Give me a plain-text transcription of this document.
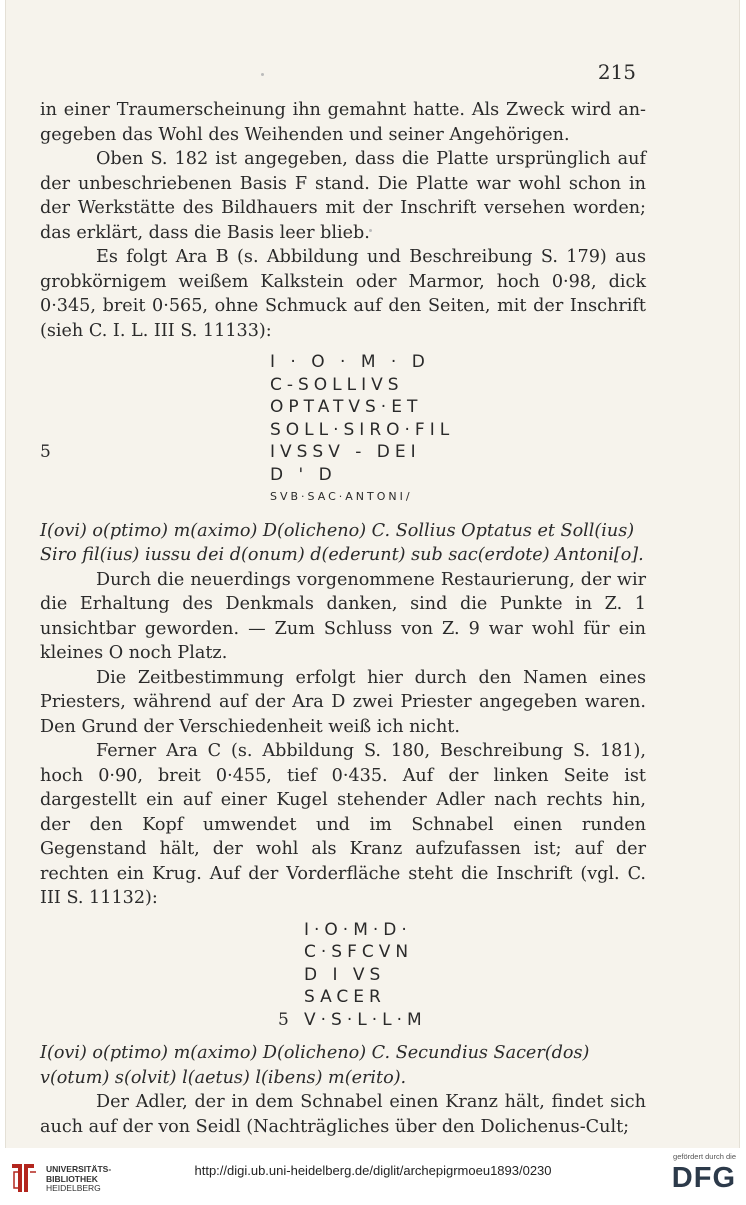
215

in einer Traumerscheinung ihn gemahnt hatte. Als Zweck wird angegeben das Wohl des Weihenden und seiner Angehörigen.

Oben S. 182 ist angegeben, dass die Platte ursprünglich auf der unbeschriebenen Basis F stand. Die Platte war wohl schon in der Werkstätte des Bildhauers mit der Inschrift versehen worden; das erklärt, dass die Basis leer blieb.

Es folgt Ara B (s. Abbildung und Beschreibung S. 179) aus grobkörnigem weißem Kalkstein oder Marmor, hoch 0·98, dick 0·345, breit 0·565, ohne Schmuck auf den Seiten, mit der Inschrift (sieh C. I. L. III S. 11133):

I · O · M · D
C-SOLLIVS
OPTATVS·ET
SOLL·SIRO·FIL
5	IVSSV - DEI
D ' D
SVB·SAC·ANTONI/

I(ovi) o(ptimo) m(aximo) D(olicheno) C. Sollius Optatus et Soll(ius) Siro fil(ius) iussu dei d(onum) d(ederunt) sub sac(erdote) Antoni[o].

Durch die neuerdings vorgenommene Restaurierung, der wir die Erhaltung des Denkmals danken, sind die Punkte in Z. 1 unsichtbar geworden. — Zum Schluss von Z. 9 war wohl für ein kleines O noch Platz.

Die Zeitbestimmung erfolgt hier durch den Namen eines Priesters, während auf der Ara D zwei Priester angegeben waren. Den Grund der Verschiedenheit weiß ich nicht.

Ferner Ara C (s. Abbildung S. 180, Beschreibung S. 181), hoch 0·90, breit 0·455, tief 0·435. Auf der linken Seite ist dargestellt ein auf einer Kugel stehender Adler nach rechts hin, der den Kopf umwendet und im Schnabel einen runden Gegenstand hält, der wohl als Kranz aufzufassen ist; auf der rechten ein Krug. Auf der Vorderfläche steht die Inschrift (vgl. C. III S. 11132):

I·O·M·D·
C·SFCVN
D I VS
SACER
5 V·S·L·L·M

I(ovi) o(ptimo) m(aximo) D(olicheno) C. Secundius Sacer(dos) v(otum) s(olvit) l(aetus) l(ibens) m(erito).

Der Adler, der in dem Schnabel einen Kranz hält, findet sich auch auf der von Seidl (Nachträgliches über den Dolichenus-Cult;

UNIVERSITÄTS-
BIBLIOTHEK
HEIDELBERG
http://digi.ub.uni-heidelberg.de/diglit/archepigrmoeu1893/0230
gefördert durch die
DFG
